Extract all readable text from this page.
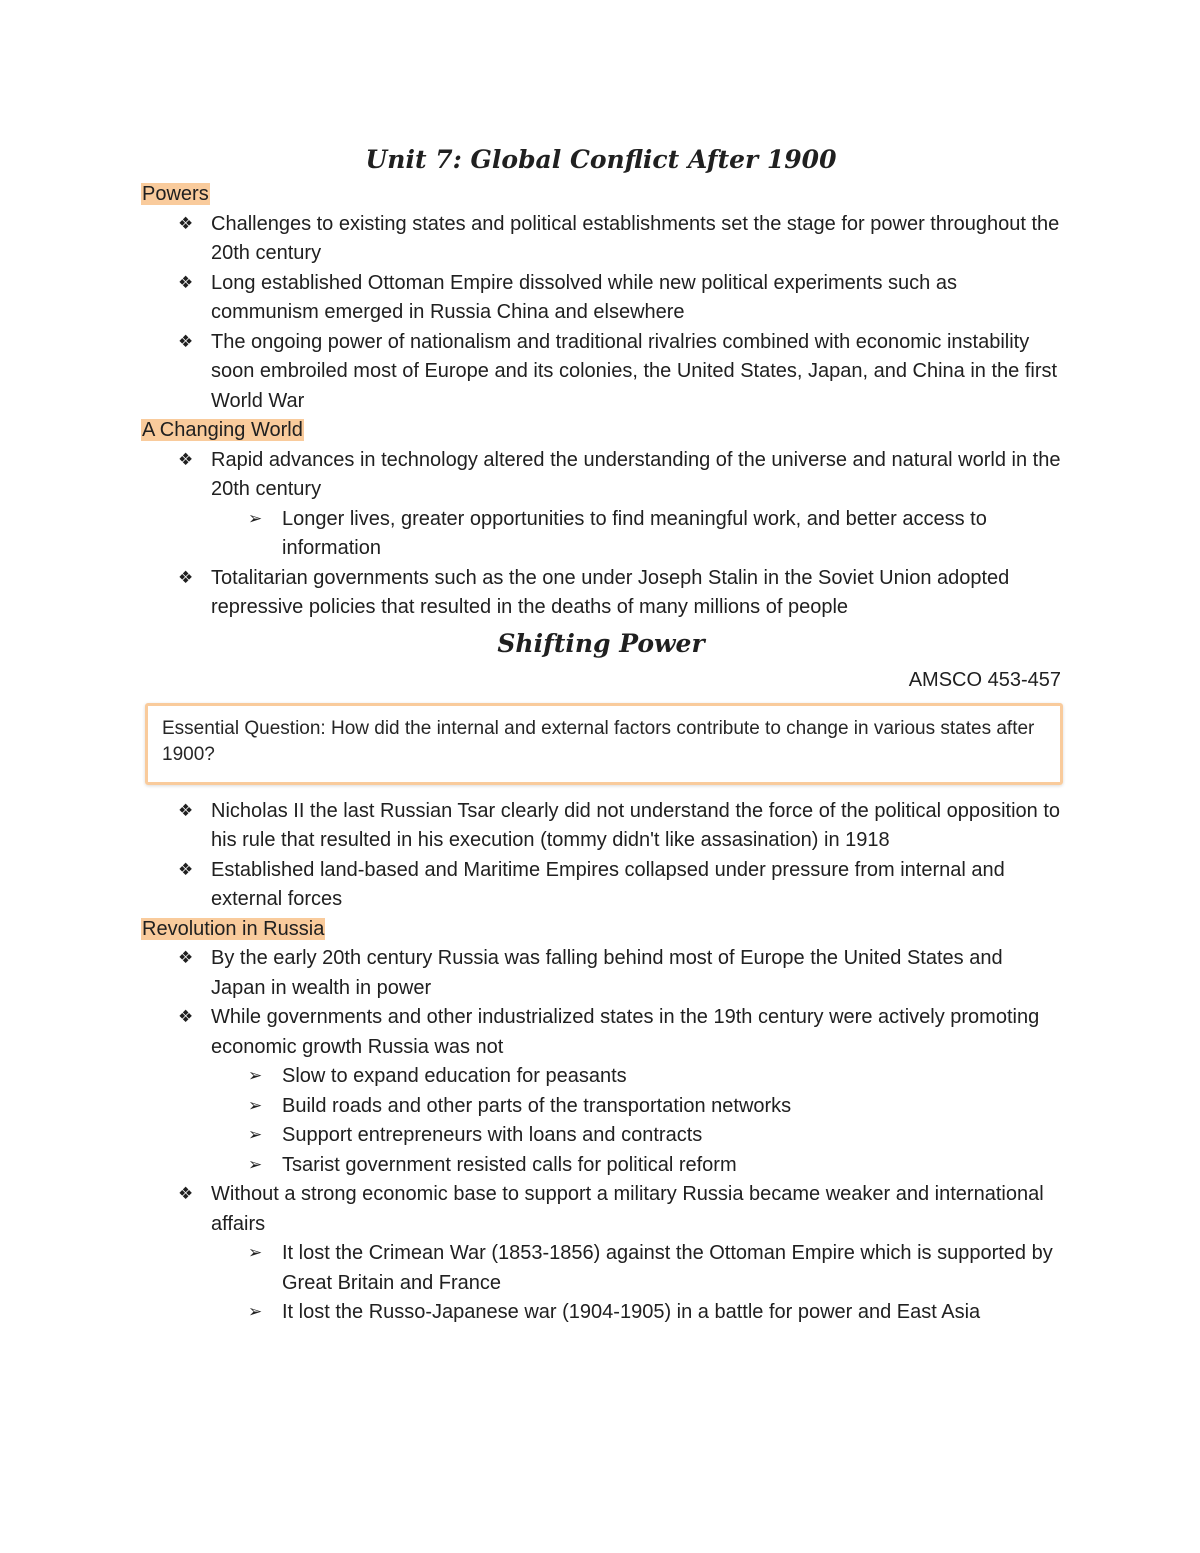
Unit 7: Global Conflict After 1900
Powers
❖ Challenges to existing states and political establishments set the stage for power throughout the 20th century
❖ Long established Ottoman Empire dissolved while new political experiments such as communism emerged in Russia China and elsewhere
❖ The ongoing power of nationalism and traditional rivalries combined with economic instability soon embroiled most of Europe and its colonies, the United States, Japan, and China in the first World War
A Changing World
❖ Rapid advances in technology altered the understanding of the universe and natural world in the 20th century
➢ Longer lives, greater opportunities to find meaningful work, and better access to information
❖ Totalitarian governments such as the one under Joseph Stalin in the Soviet Union adopted repressive policies that resulted in the deaths of many millions of people
Shifting Power
AMSCO 453-457
Essential Question: How did the internal and external factors contribute to change in various states after 1900?
❖ Nicholas II the last Russian Tsar clearly did not understand the force of the political opposition to his rule that resulted in his execution (tommy didn't like assasination) in 1918
❖ Established land-based and Maritime Empires collapsed under pressure from internal and external forces
Revolution in Russia
❖ By the early 20th century Russia was falling behind most of Europe the United States and Japan in wealth in power
❖ While governments and other industrialized states in the 19th century were actively promoting economic growth Russia was not
➢ Slow to expand education for peasants
➢ Build roads and other parts of the transportation networks
➢ Support entrepreneurs with loans and contracts
➢ Tsarist government resisted calls for political reform
❖ Without a strong economic base to support a military Russia became weaker and international affairs
➢ It lost the Crimean War (1853-1856) against the Ottoman Empire which is supported by Great Britain and France
➢ It lost the Russo-Japanese war (1904-1905) in a battle for power and East Asia
